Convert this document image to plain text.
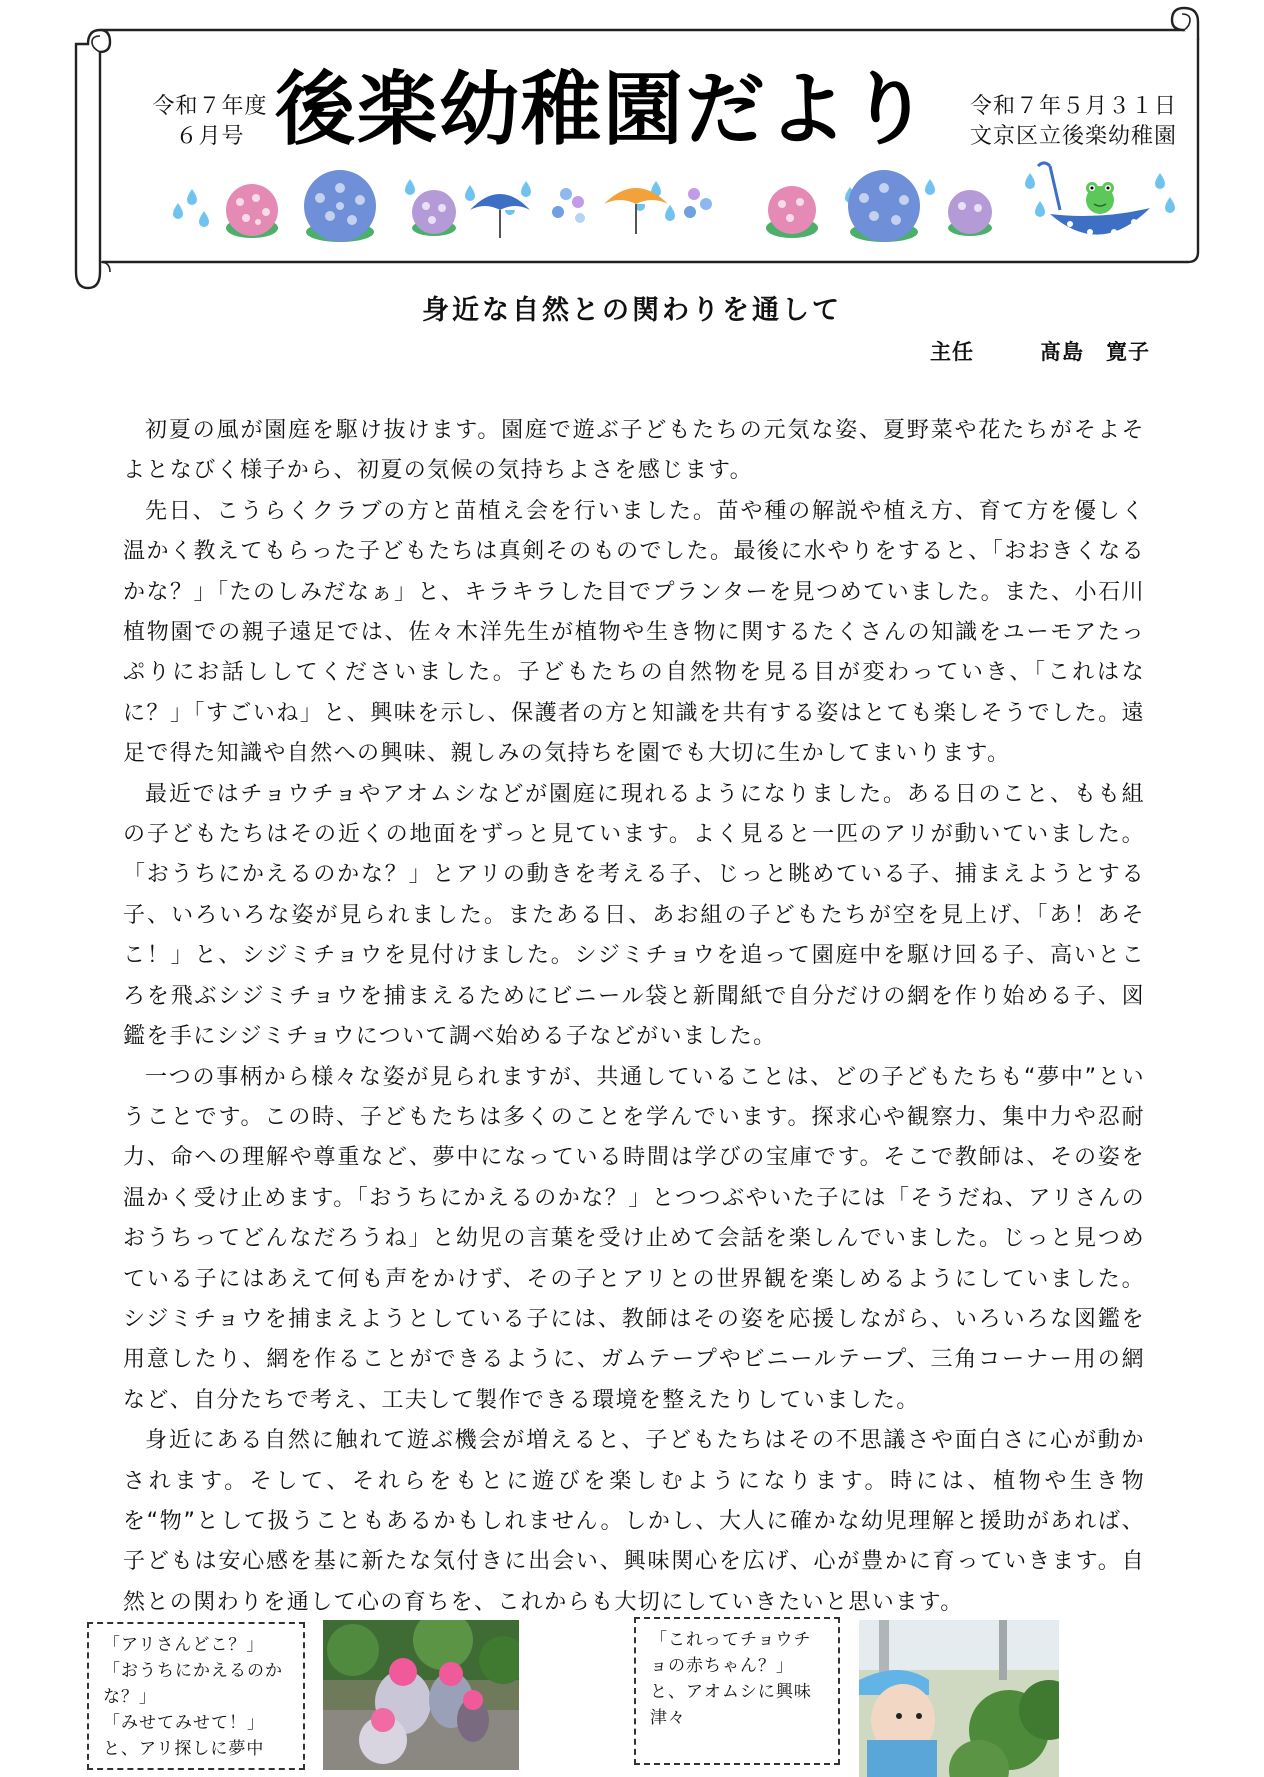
令和７年度
６月号 後楽幼稚園だより	令和７年５月３１日
文京区立後楽幼稚園
身近な自然との関わりを通して
主任　　　	髙島　寛子

初夏の風が園庭を駆け抜けます。園庭で遊ぶ子どもたちの元気な姿、夏野菜や花たちがそよそよとなびく様子から、初夏の気候の気持ちよさを感じます。

先日、こうらくクラブの方と苗植え会を行いました。苗や種の解説や植え方、育て方を優しく温かく教えてもらった子どもたちは真剣そのものでした。最後に水やりをすると、「おおきくなるかな？」「たのしみだなぁ」と、キラキラした目でプランターを見つめていました。また、小石川植物園での親子遠足では、佐々木洋先生が植物や生き物に関するたくさんの知識をユーモアたっぷりにお話ししてくださいました。子どもたちの自然物を見る目が変わっていき、「これはなに？」「すごいね」と、興味を示し、保護者の方と知識を共有する姿はとても楽しそうでした。遠足で得た知識や自然への興味、親しみの気持ちを園でも大切に生かしてまいります。

最近ではチョウチョやアオムシなどが園庭に現れるようになりました。ある日のこと、もも組の子どもたちはその近くの地面をずっと見ています。よく見ると一匹のアリが動いていました。「おうちにかえるのかな？」とアリの動きを考える子、じっと眺めている子、捕まえようとする子、いろいろな姿が見られました。またある日、あお組の子どもたちが空を見上げ、「あ！あそこ！」と、シジミチョウを見付けました。シジミチョウを追って園庭中を駆け回る子、高いところを飛ぶシジミチョウを捕まえるためにビニール袋と新聞紙で自分だけの網を作り始める子、図鑑を手にシジミチョウについて調べ始める子などがいました。

一つの事柄から様々な姿が見られますが、共通していることは、どの子どもたちも“夢中”ということです。この時、子どもたちは多くのことを学んでいます。探求心や観察力、集中力や忍耐力、命への理解や尊重など、夢中になっている時間は学びの宝庫です。そこで教師は、その姿を温かく受け止めます。「おうちにかえるのかな？」とつつぶやいた子には「そうだね、アリさんのおうちってどんなだろうね」と幼児の言葉を受け止めて会話を楽しんでいました。じっと見つめている子にはあえて何も声をかけず、その子とアリとの世界観を楽しめるようにしていました。シジミチョウを捕まえようとしている子には、教師はその姿を応援しながら、いろいろな図鑑を用意したり、網を作ることができるように、ガムテープやビニールテープ、三角コーナー用の網など、自分たちで考え、工夫して製作できる環境を整えたりしていました。

身近にある自然に触れて遊ぶ機会が増えると、子どもたちはその不思議さや面白さに心が動かされます。そして、それらをもとに遊びを楽しむようになります。時には、植物や生き物を“物”として扱うこともあるかもしれません。しかし、大人に確かな幼児理解と援助があれば、子どもは安心感を基に新たな気付きに出会い、興味関心を広げ、心が豊かに育っていきます。自然との関わりを通して心の育ちを、これからも大切にしていきたいと思います。

「アリさんどこ？」

「おうちにかえるのかな？」

「みせてみせて！」

と、アリ探しに夢中

「これってチョウチョの赤ちゃん？」

と、アオムシに興味津々
